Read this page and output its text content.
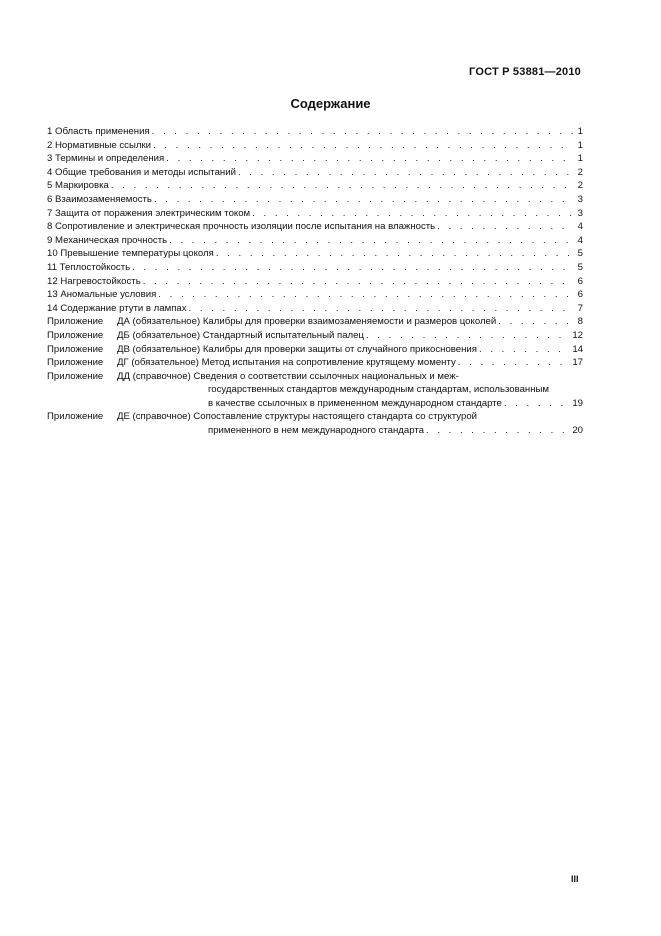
ГОСТ Р 53881—2010
Содержание
1 Область применения . . .	1
2 Нормативные ссылки . . .	1
3 Термины и определения . . .	1
4 Общие требования и методы испытаний . . .	2
5 Маркировка . . .	2
6 Взаимозаменяемость . . .	3
7 Защита от поражения электрическим током . . .	3
8 Сопротивление и электрическая прочность изоляции после испытания на влажность . . .	4
9 Механическая прочность . . .	4
10 Превышение температуры цоколя . . .	5
11 Теплостойкость . . .	5
12 Нагревостойкость . . .	6
13 Аномальные условия . . .	6
14 Содержание ртути в лампах . . .	7
Приложение	ДА (обязательное) Калибры для проверки взаимозаменяемости и размеров цоколей . . .	8
Приложение	ДБ (обязательное) Стандартный испытательный палец . . .	12
Приложение	ДВ (обязательное) Калибры для проверки защиты от случайного прикосновения . . .	14
Приложение	ДГ (обязательное) Метод испытания на сопротивление крутящему моменту . . .	17
Приложение	ДД (справочное) Сведения о соответствии ссылочных национальных и меж-
государственных стандартов международным стандартам, использованным
в качестве ссылочных в примененном международном стандарте . . .	19
Приложение	ДЕ (справочное) Сопоставление структуры настоящего стандарта со структурой
примененного в нем международного стандарта . . .	20
III
